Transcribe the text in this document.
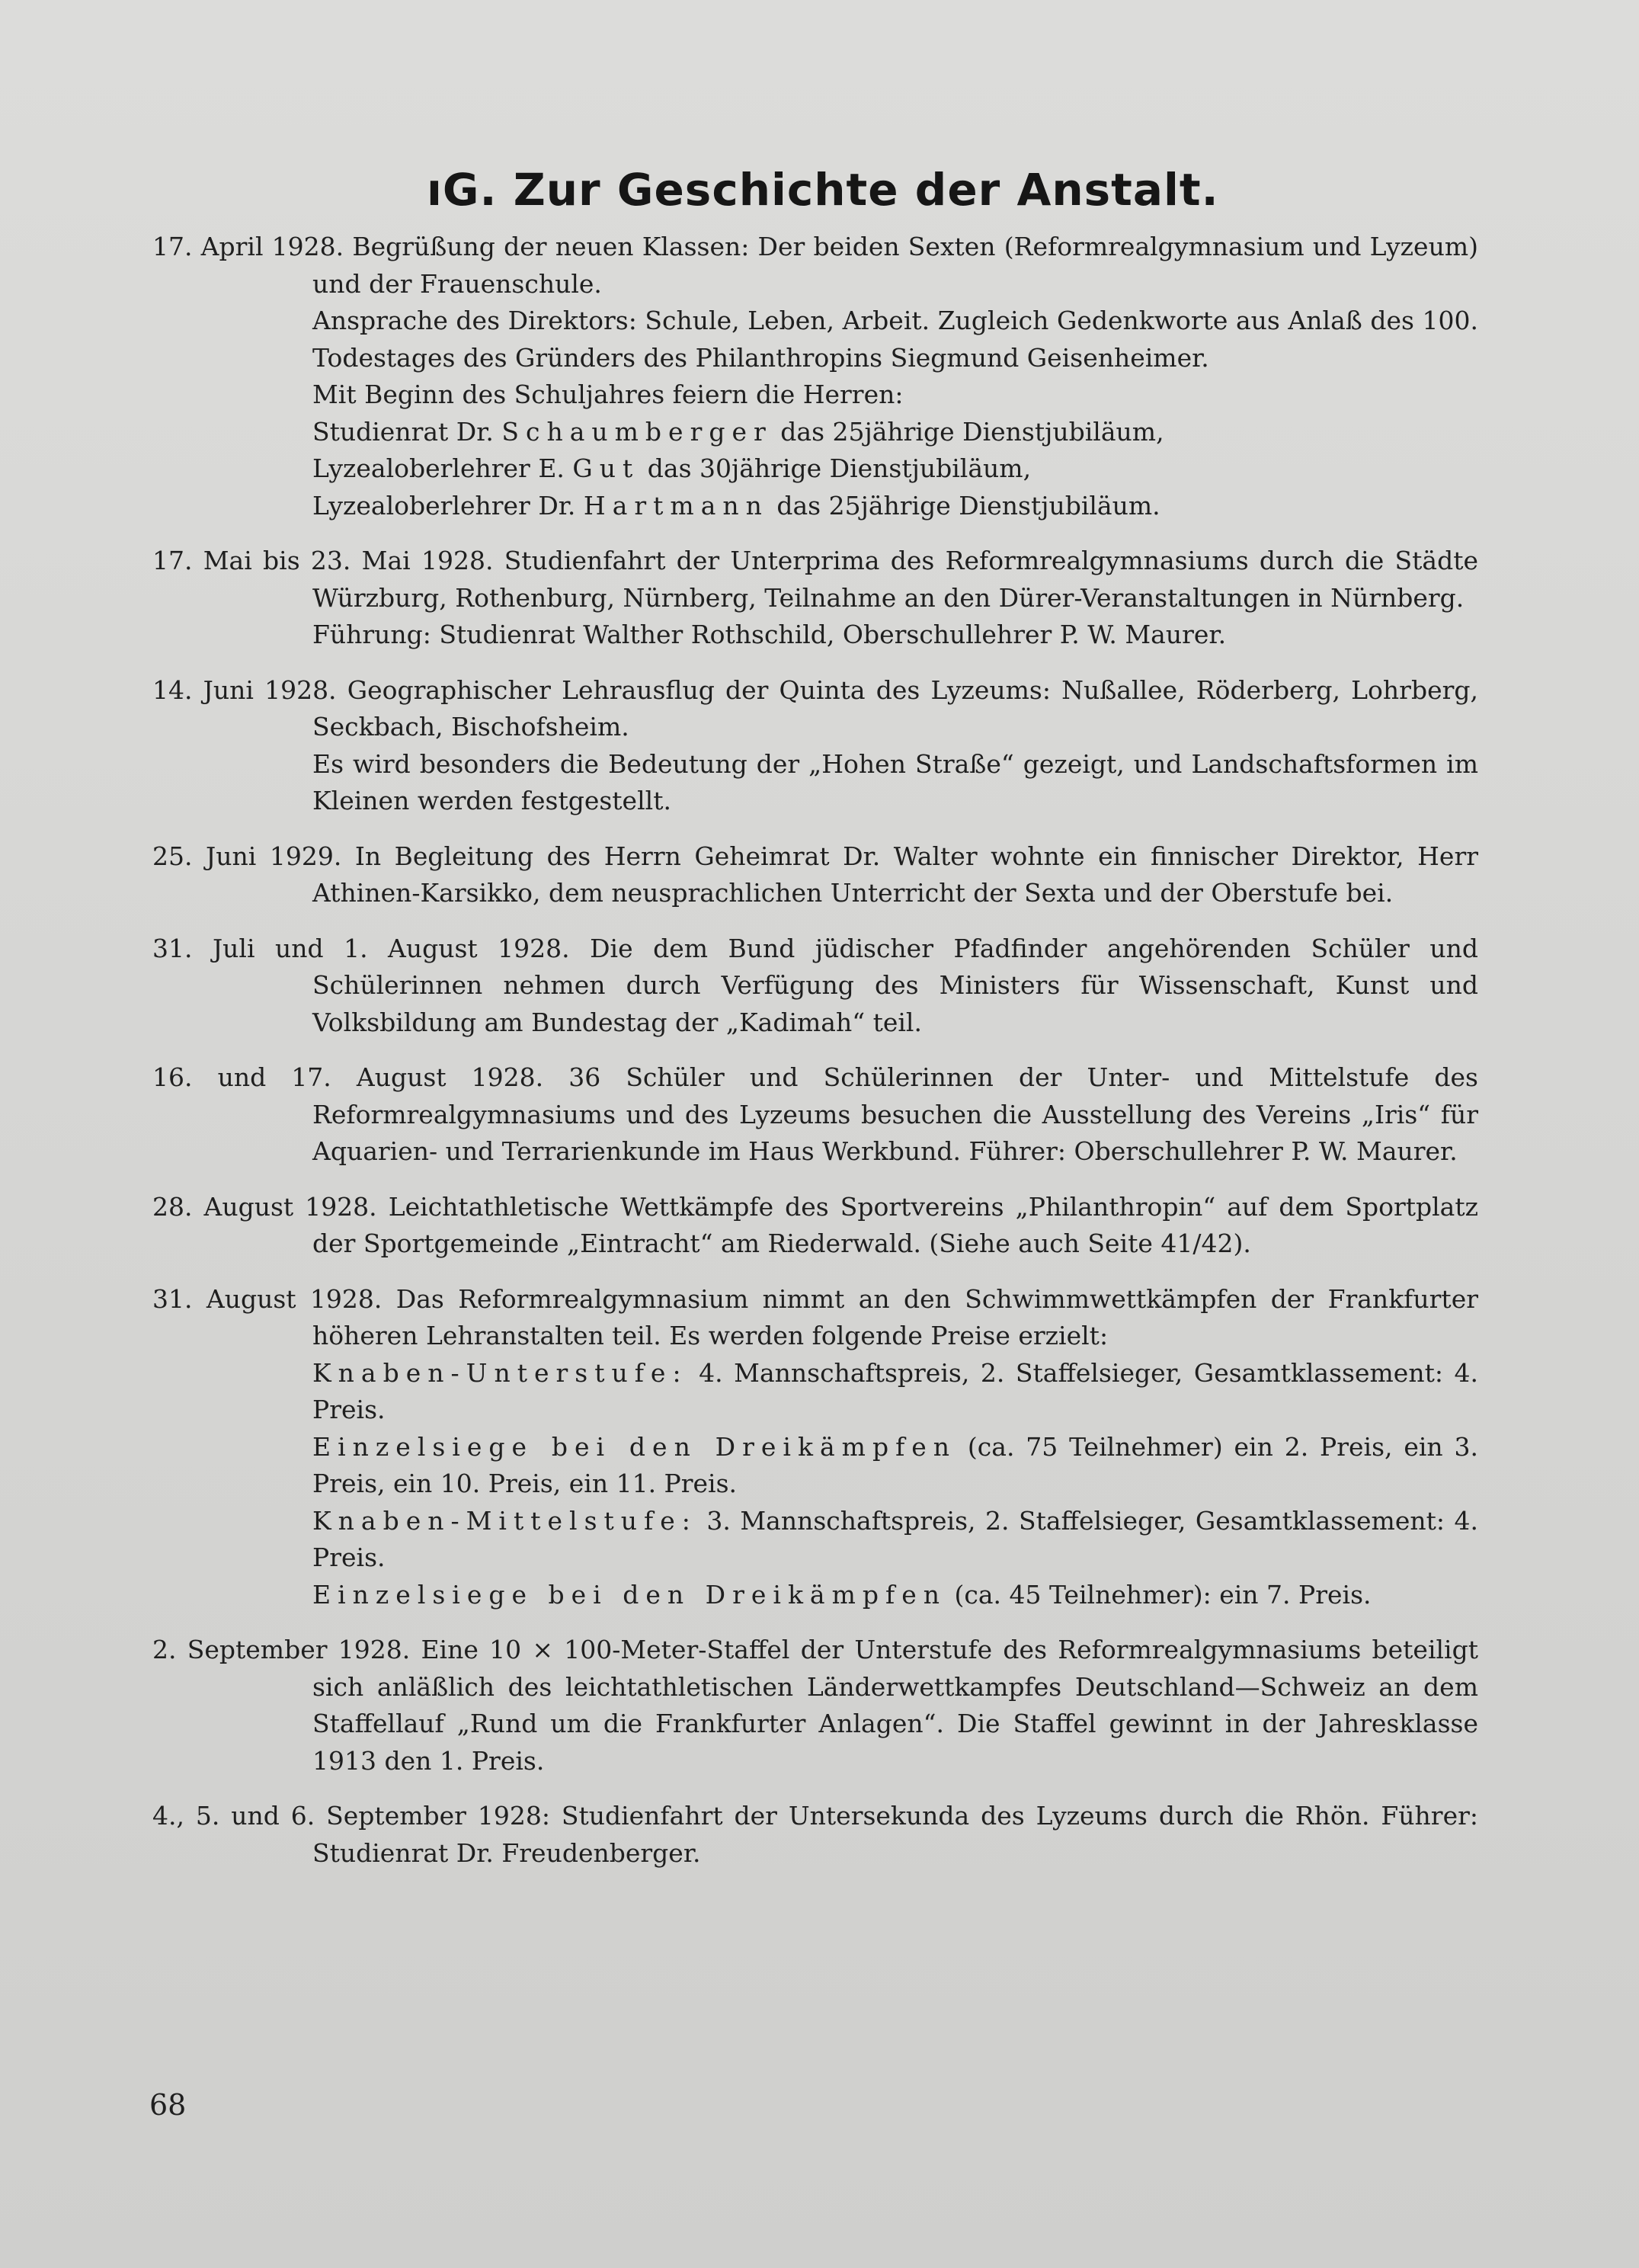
ıG. Zur Geschichte der Anstalt.
17. April 1928. Begrüßung der neuen Klassen: Der beiden Sexten (Reformrealgymnasium und Lyzeum) und der Frauenschule.
Ansprache des Direktors: Schule, Leben, Arbeit. Zugleich Gedenkworte aus Anlaß des 100. Todestages des Gründers des Philanthropins Siegmund Geisenheimer.
Mit Beginn des Schuljahres feiern die Herren:
Studienrat Dr. Schaumberger das 25jährige Dienstjubiläum,
Lyzealoberlehrer E. Gut das 30jährige Dienstjubiläum,
Lyzealoberlehrer Dr. Hartmann das 25jährige Dienstjubiläum.
17. Mai bis 23. Mai 1928. Studienfahrt der Unterprima des Reformrealgymnasiums durch die Städte Würzburg, Rothenburg, Nürnberg, Teilnahme an den Dürer-Veranstaltungen in Nürnberg.
Führung: Studienrat Walther Rothschild, Oberschullehrer P. W. Maurer.
14. Juni 1928. Geographischer Lehrausflug der Quinta des Lyzeums: Nußallee, Röderberg, Lohrberg, Seckbach, Bischofsheim.
Es wird besonders die Bedeutung der „Hohen Straße“ gezeigt, und Landschaftsformen im Kleinen werden festgestellt.
25. Juni 1929. In Begleitung des Herrn Geheimrat Dr. Walter wohnte ein finnischer Direktor, Herr Athinen-Karsikko, dem neusprachlichen Unterricht der Sexta und der Oberstufe bei.
31. Juli und 1. August 1928. Die dem Bund jüdischer Pfadfinder angehörenden Schüler und Schülerinnen nehmen durch Verfügung des Ministers für Wissenschaft, Kunst und Volksbildung am Bundestag der „Kadimah“ teil.
16. und 17. August 1928. 36 Schüler und Schülerinnen der Unter- und Mittelstufe des Reformrealgymnasiums und des Lyzeums besuchen die Ausstellung des Vereins „Iris“ für Aquarien- und Terrarienkunde im Haus Werkbund. Führer: Oberschullehrer P. W. Maurer.
28. August 1928. Leichtathletische Wettkämpfe des Sportvereins „Philanthropin“ auf dem Sportplatz der Sportgemeinde „Eintracht“ am Riederwald. (Siehe auch Seite 41/42).
31. August 1928. Das Reformrealgymnasium nimmt an den Schwimmwettkämpfen der Frankfurter höheren Lehranstalten teil. Es werden folgende Preise erzielt:
Knaben-Unterstufe: 4. Mannschaftspreis, 2. Staffelsieger, Gesamtklassement: 4. Preis.
Einzelsiege bei den Dreikämpfen (ca. 75 Teilnehmer) ein 2. Preis, ein 3. Preis, ein 10. Preis, ein 11. Preis.
Knaben-Mittelstufe: 3. Mannschaftspreis, 2. Staffelsieger, Gesamtklassement: 4. Preis.
Einzelsiege bei den Dreikämpfen (ca. 45 Teilnehmer): ein 7. Preis.
2. September 1928. Eine 10 × 100-Meter-Staffel der Unterstufe des Reformrealgymnasiums beteiligt sich anläßlich des leichtathletischen Länderwettkampfes Deutschland—Schweiz an dem Staffellauf „Rund um die Frankfurter Anlagen“. Die Staffel gewinnt in der Jahresklasse 1913 den 1. Preis.
4., 5. und 6. September 1928: Studienfahrt der Untersekunda des Lyzeums durch die Rhön. Führer: Studienrat Dr. Freudenberger.
68
